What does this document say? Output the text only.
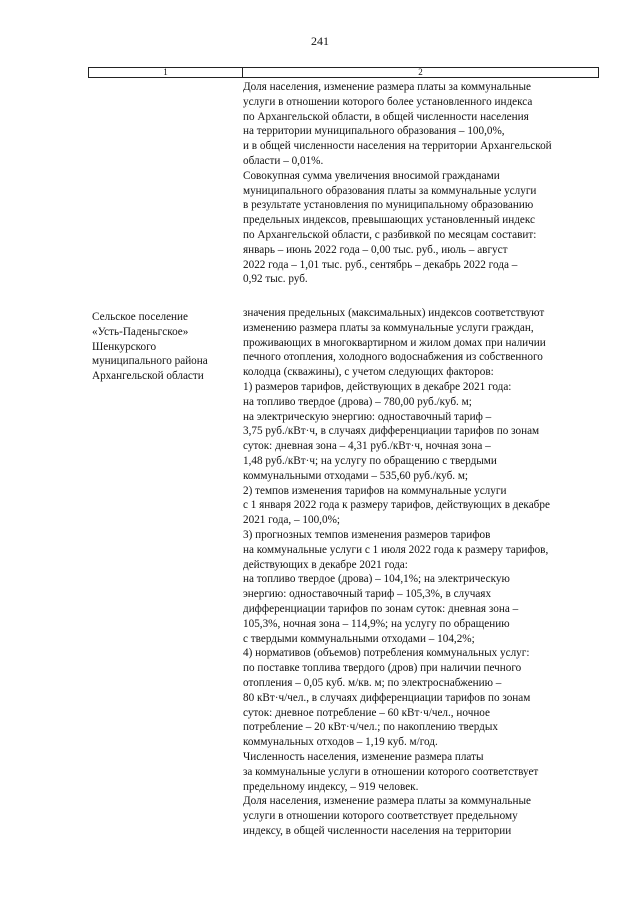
241
1	2
Доля населения, изменение размера платы за коммунальные
услуги в отношении которого более установленного индекса
по Архангельской области, в общей численности населения
на территории муниципального образования – 100,0%,
и в общей численности населения на территории Архангельской
области – 0,01%.
Совокупная сумма увеличения вносимой гражданами
муниципального образования платы за коммунальные услуги
в результате установления по муниципальному образованию
предельных индексов, превышающих установленный индекс
по Архангельской области, с разбивкой по месяцам составит:
январь – июнь 2022 года – 0,00 тыс. руб., июль – август
2022 года – 1,01 тыс. руб., сентябрь – декабрь 2022 года –
0,92 тыс. руб.
Сельское поселение
«Усть-Паденьгское»
Шенкурского
муниципального района
Архангельской области
значения предельных (максимальных) индексов соответствуют
изменению размера платы за коммунальные услуги граждан,
проживающих в многоквартирном и жилом домах при наличии
печного отопления, холодного водоснабжения из собственного
колодца (скважины), с учетом следующих факторов:
1) размеров тарифов, действующих в декабре 2021 года:
на топливо твердое (дрова) – 780,00 руб./куб. м;
на электрическую энергию: одноставочный тариф –
3,75 руб./кВт·ч, в случаях дифференциации тарифов по зонам
суток: дневная зона – 4,31 руб./кВт·ч, ночная зона –
1,48 руб./кВт·ч; на услугу по обращению с твердыми
коммунальными отходами – 535,60 руб./куб. м;
2) темпов изменения тарифов на коммунальные услуги
с 1 января 2022 года к размеру тарифов, действующих в декабре
2021 года, – 100,0%;
3) прогнозных темпов изменения размеров тарифов
на коммунальные услуги с 1 июля 2022 года к размеру тарифов,
действующих в декабре 2021 года:
на топливо твердое (дрова) – 104,1%; на электрическую
энергию: одноставочный тариф – 105,3%, в случаях
дифференциации тарифов по зонам суток: дневная зона –
105,3%, ночная зона – 114,9%; на услугу по обращению
с твердыми коммунальными отходами – 104,2%;
4) нормативов (объемов) потребления коммунальных услуг:
по поставке топлива твердого (дров) при наличии печного
отопления – 0,05 куб. м/кв. м; по электроснабжению –
80 кВт·ч/чел., в случаях дифференциации тарифов по зонам
суток: дневное потребление – 60 кВт·ч/чел., ночное
потребление – 20 кВт·ч/чел.; по накоплению твердых
коммунальных отходов – 1,19 куб. м/год.
Численность населения, изменение размера платы
за коммунальные услуги в отношении которого соответствует
предельному индексу, – 919 человек.
Доля населения, изменение размера платы за коммунальные
услуги в отношении которого соответствует предельному
индексу, в общей численности населения на территории
